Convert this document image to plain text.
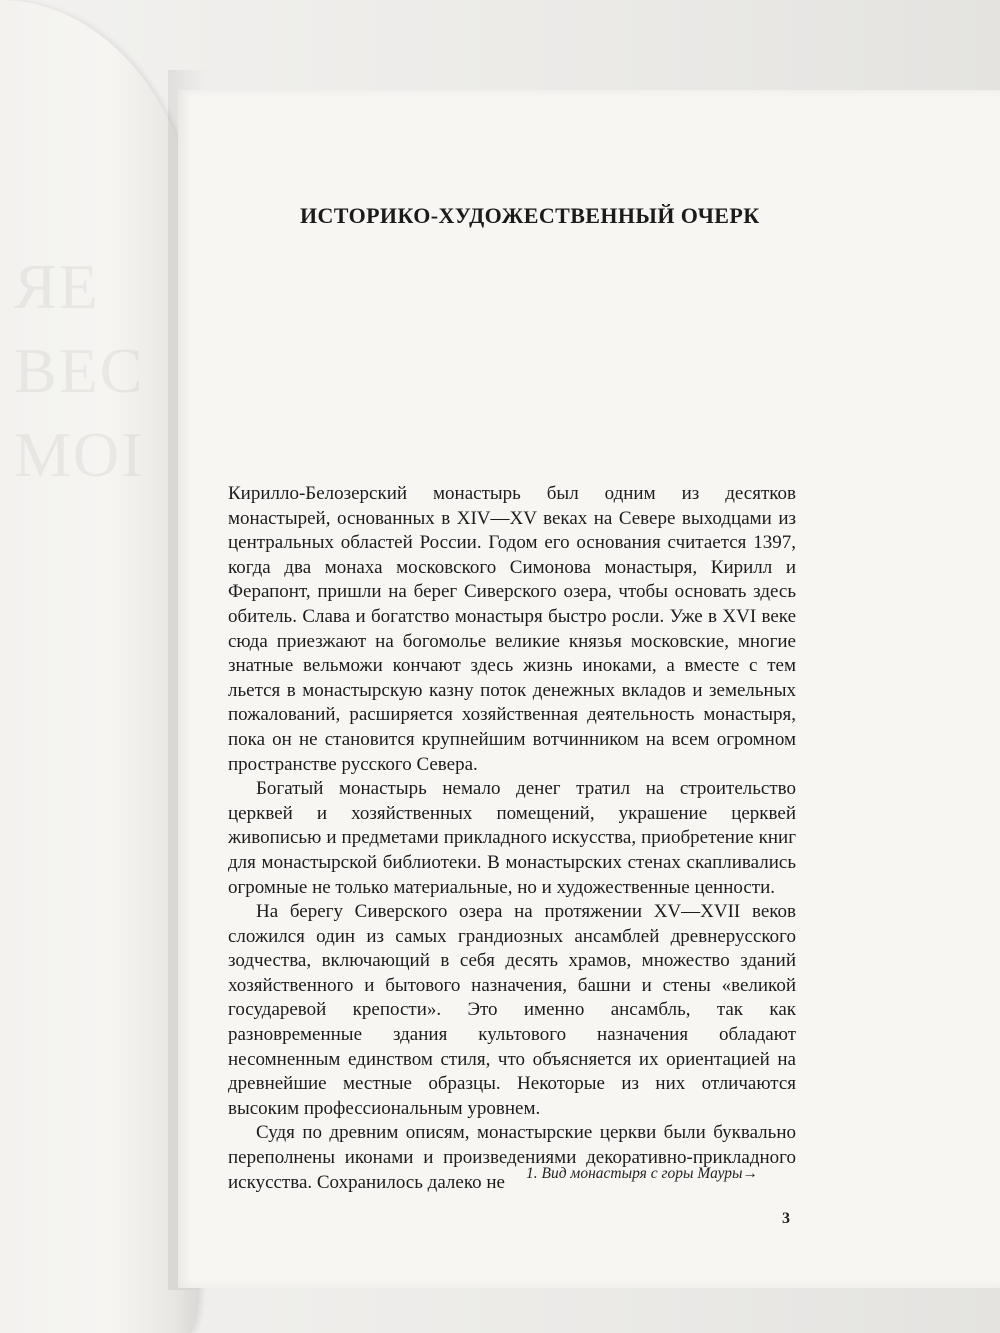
ЯЕ
ВЕС
МОІ
ИСТОРИКО-ХУДОЖЕСТВЕННЫЙ ОЧЕРК

Кирилло-Белозерский монастырь был одним из десятков монастырей, основанных в XIV—XV веках на Севере выходцами из центральных областей России. Годом его основания считается 1397, когда два монаха московского Симонова монастыря, Кирилл и Ферапонт, пришли на берег Сиверского озера, чтобы основать здесь обитель. Слава и богатство монастыря быстро росли. Уже в XVI веке сюда приезжают на богомолье великие князья московские, многие знатные вельможи кончают здесь жизнь иноками, а вместе с тем льется в монастырскую казну поток денежных вкладов и земельных пожалований, расширяется хозяйственная деятельность монастыря, пока он не становится крупнейшим вотчинником на всем огромном пространстве русского Севера.

Богатый монастырь немало денег тратил на строительство церквей и хозяйственных помещений, украшение церквей живописью и предметами прикладного искусства, приобретение книг для монастырской библиотеки. В монастырских стенах скапливались огромные не только материальные, но и художественные ценности.

На берегу Сиверского озера на протяжении XV—XVII веков сложился один из самых грандиозных ансамблей древнерусского зодчества, включающий в себя десять храмов, множество зданий хозяйственного и бытового назначения, башни и стены «великой государевой крепости». Это именно ансамбль, так как разновременные здания культового назначения обладают несомненным единством стиля, что объясняется их ориентацией на древнейшие местные образцы. Некоторые из них отличаются высоким профессиональным уровнем.

Судя по древним описям, монастырские церкви были буквально переполнены иконами и произведениями декоративно-прикладного искусства. Сохранилось далеко не	1. Вид монастыря с горы Мауры→
3
